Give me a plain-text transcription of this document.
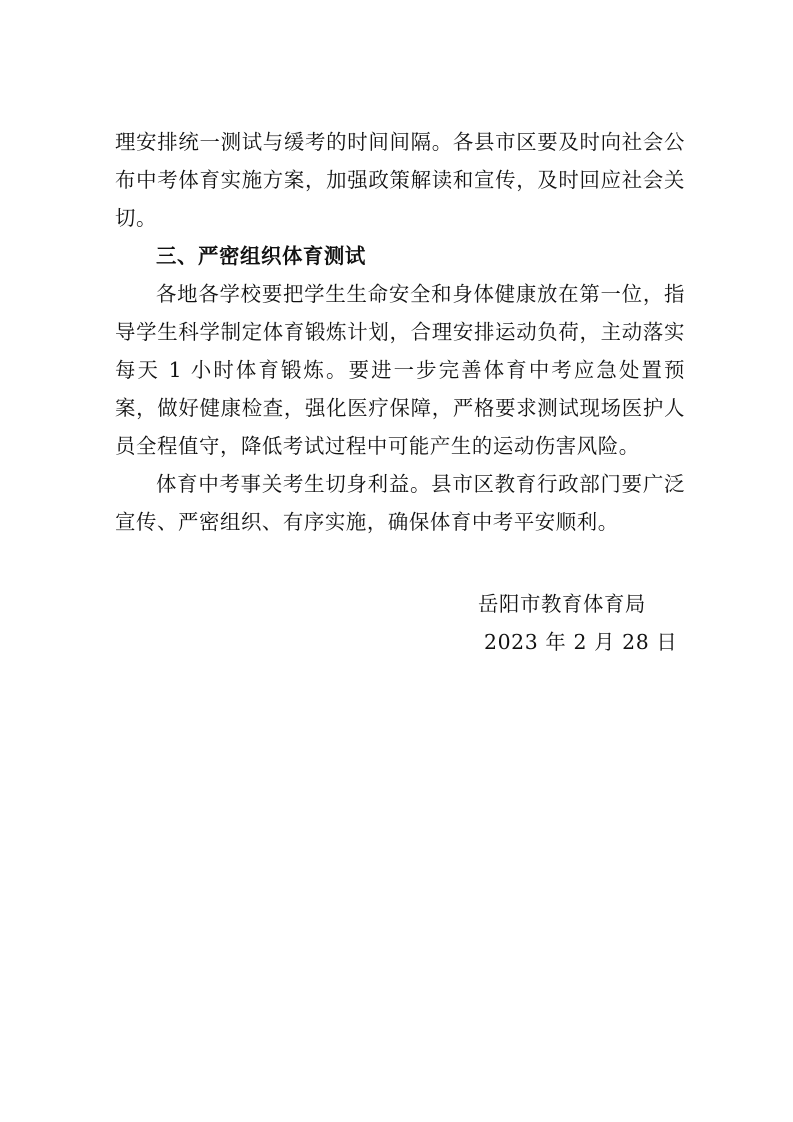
理安排统一测试与缓考的时间间隔。各县市区要及时向社会公布中考体育实施方案，加强政策解读和宣传，及时回应社会关切。

三、严密组织体育测试

各地各学校要把学生生命安全和身体健康放在第一位，指导学生科学制定体育锻炼计划，合理安排运动负荷，主动落实每天 1 小时体育锻炼。要进一步完善体育中考应急处置预案，做好健康检查，强化医疗保障，严格要求测试现场医护人员全程值守，降低考试过程中可能产生的运动伤害风险。

体育中考事关考生切身利益。县市区教育行政部门要广泛宣传、严密组织、有序实施，确保体育中考平安顺利。

岳阳市教育体育局

2023 年 2 月 28 日
